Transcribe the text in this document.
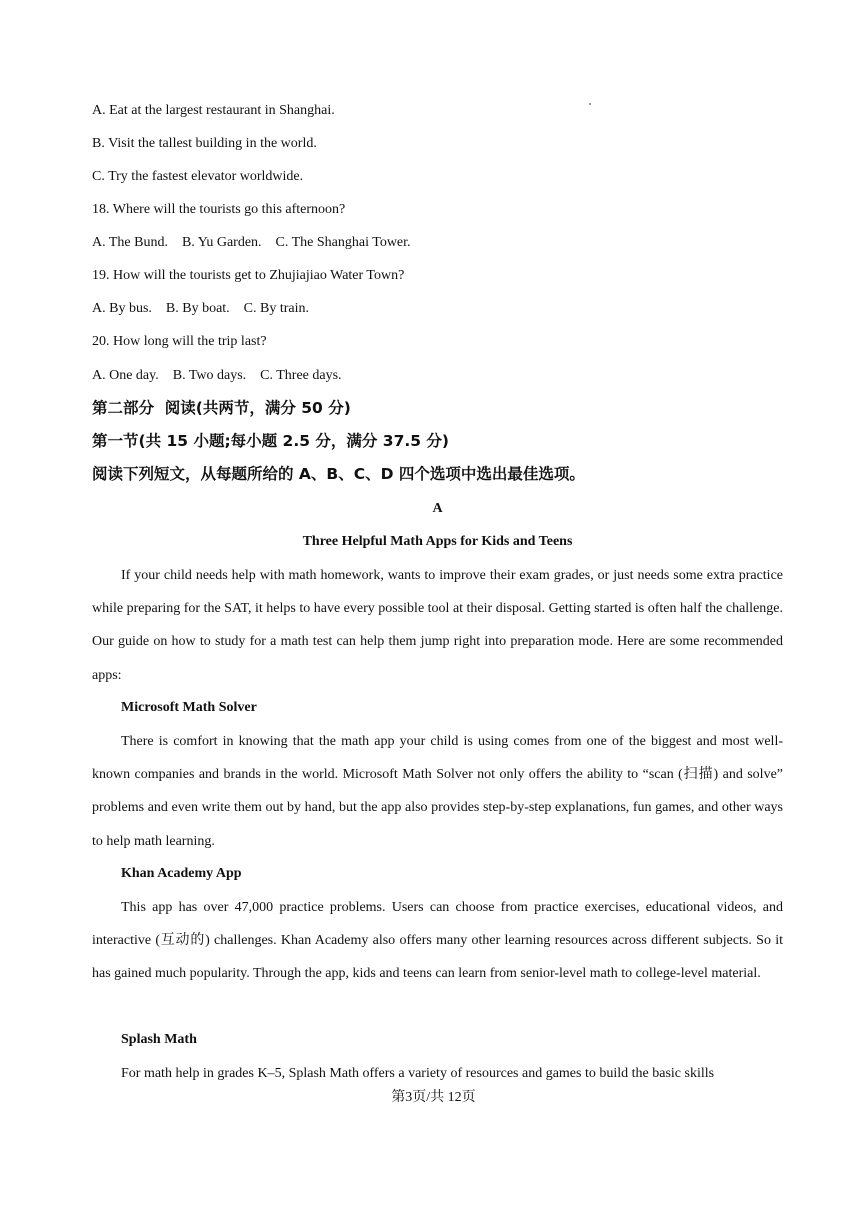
A. Eat at the largest restaurant in Shanghai.
B. Visit the tallest building in the world.
C. Try the fastest elevator worldwide.
18. Where will the tourists go this afternoon?
A. The Bund.    B. Yu Garden.    C. The Shanghai Tower.
19. How will the tourists get to Zhujiajiao Water Town?
A. By bus.    B. By boat.    C. By train.
20. How long will the trip last?
A. One day.    B. Two days.    C. Three days.
第二部分  阅读(共两节，满分 50 分)
第一节(共 15 小题;每小题 2.5 分，满分 37.5 分)
阅读下列短文，从每题所给的 A、B、C、D 四个选项中选出最佳选项。
A
Three Helpful Math Apps for Kids and Teens

If your child needs help with math homework, wants to improve their exam grades, or just needs some extra practice while preparing for the SAT, it helps to have every possible tool at their disposal. Getting started is often half the challenge. Our guide on how to study for a math test can help them jump right into preparation mode. Here are some recommended apps:

Microsoft Math Solver

There is comfort in knowing that the math app your child is using comes from one of the biggest and most well-known companies and brands in the world. Microsoft Math Solver not only offers the ability to “scan (扫描) and solve” problems and even write them out by hand, but the app also provides step-by-step explanations, fun games, and other ways to help math learning.

Khan Academy App

This app has over 47,000 practice problems. Users can choose from practice exercises, educational videos, and interactive (互动的) challenges. Khan Academy also offers many other learning resources across different subjects. So it has gained much popularity. Through the app, kids and teens can learn from senior-level math to college-level material.

Splash Math

For math help in grades K–5, Splash Math offers a variety of resources and games to build the basic skills

第3页/共 12页
